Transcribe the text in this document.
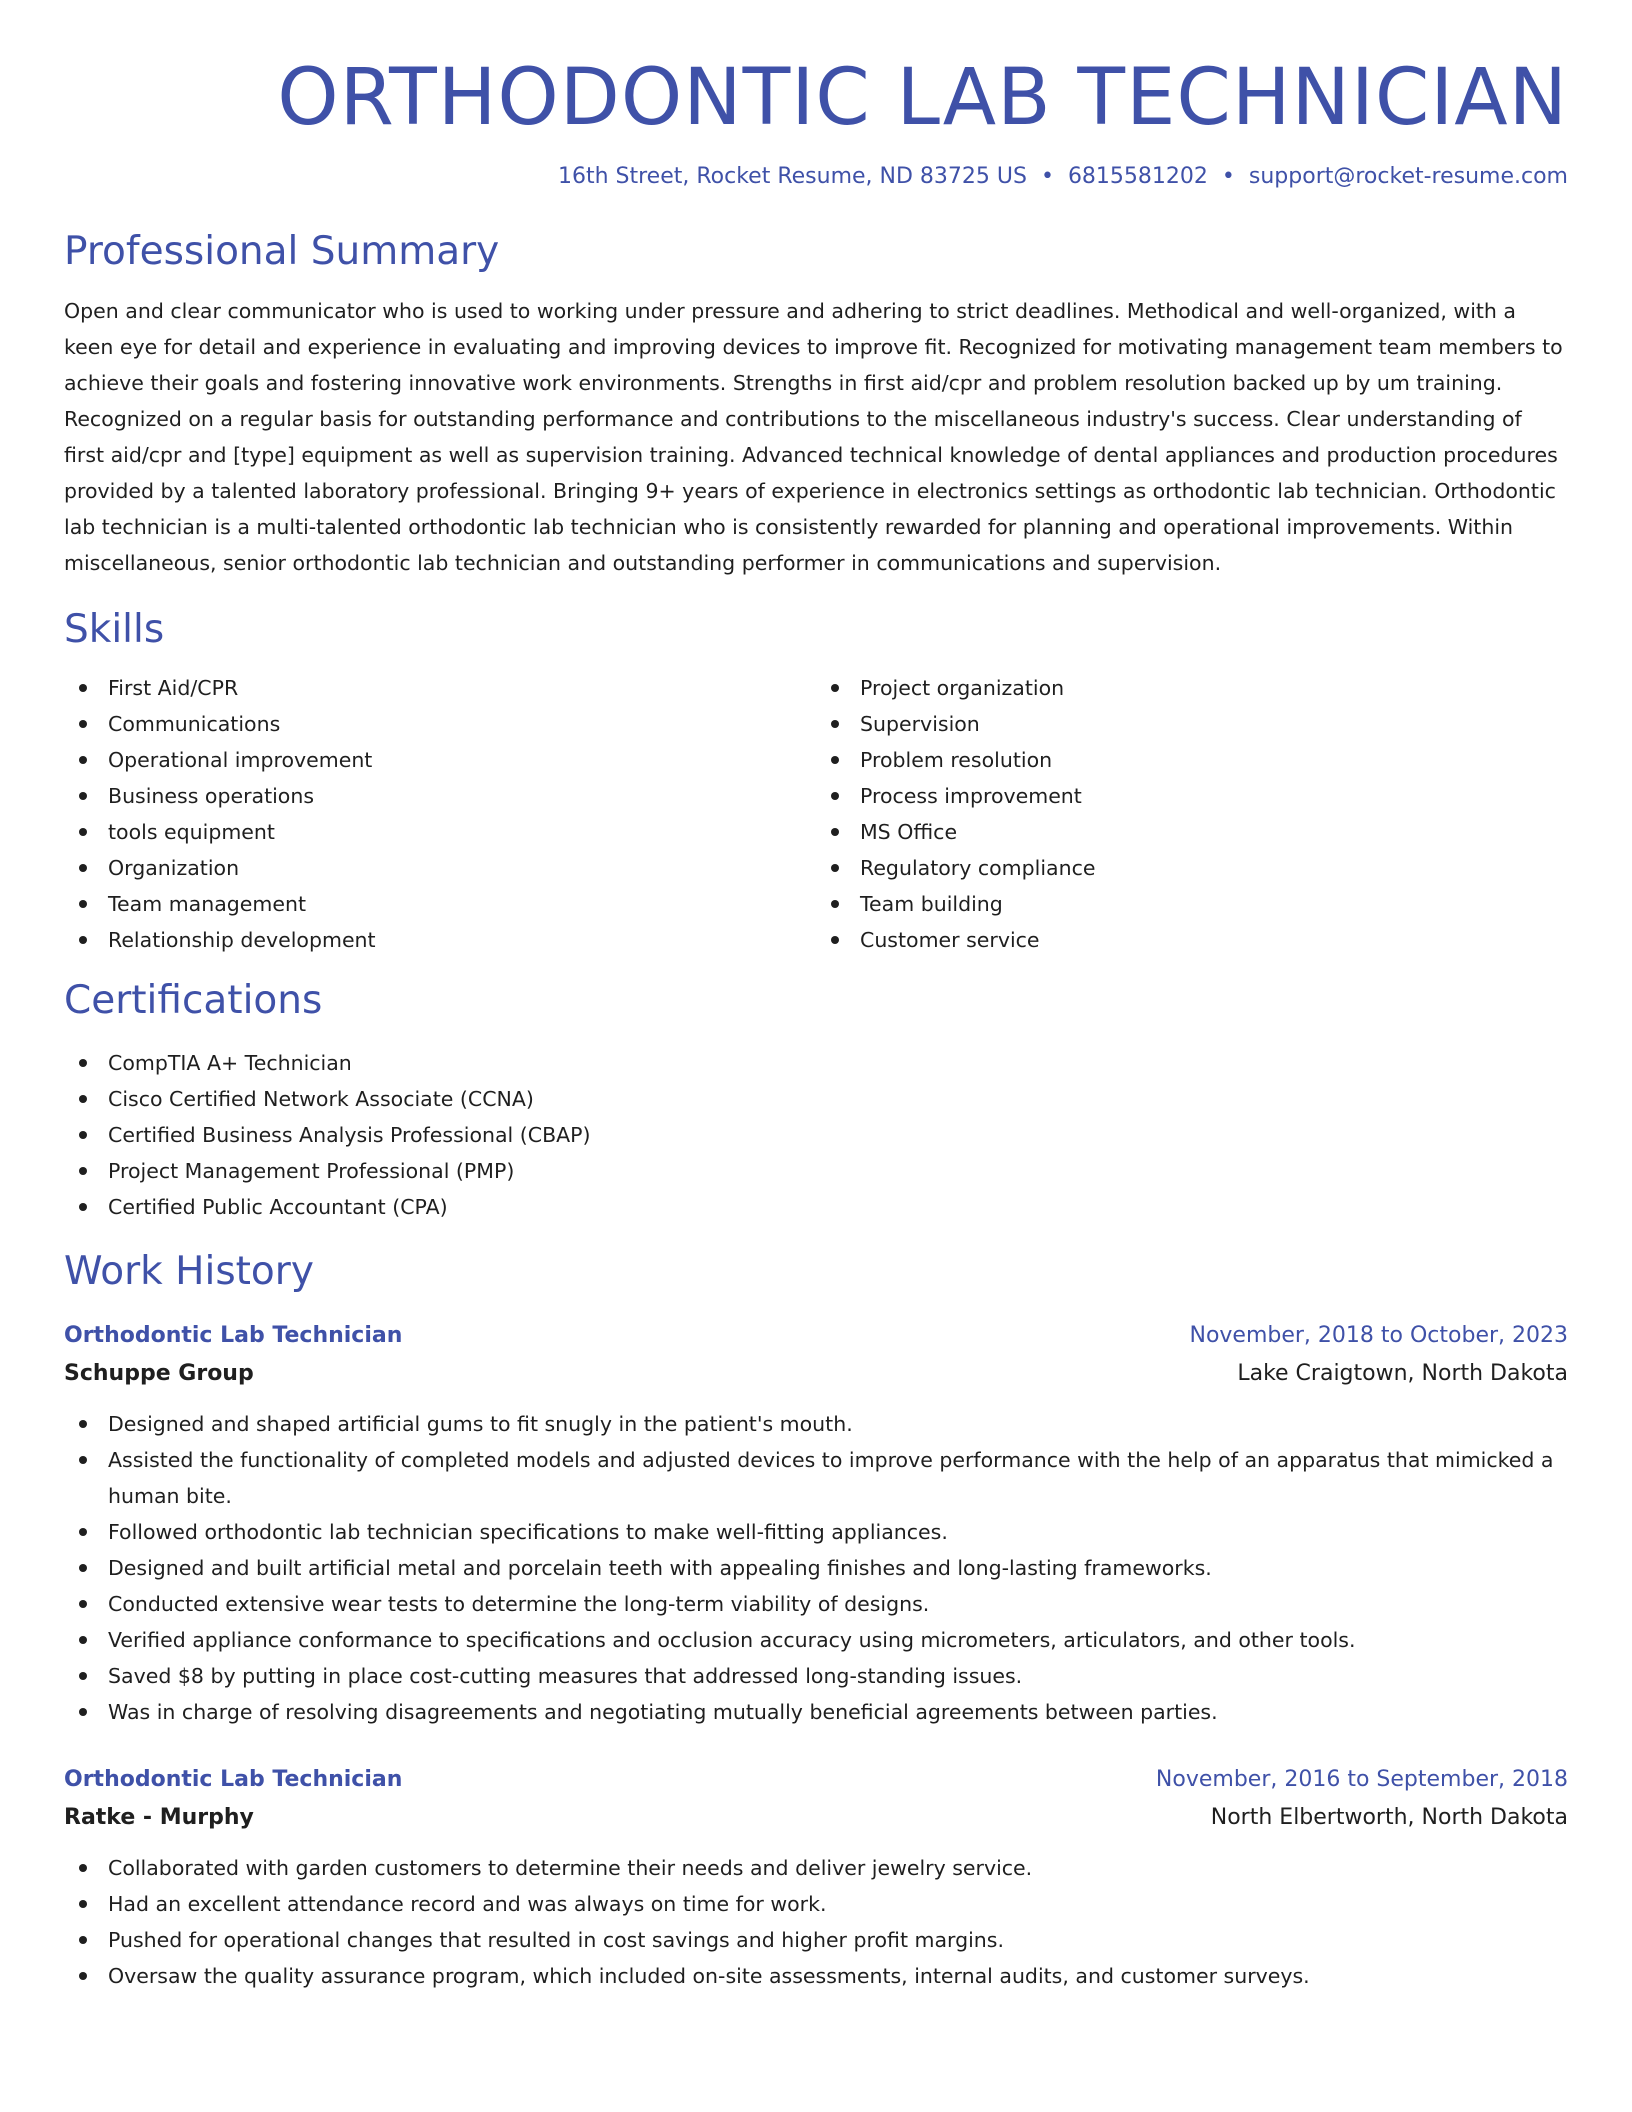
ORTHODONTIC LAB TECHNICIAN
16th Street, Rocket Resume, ND 83725 US • 6815581202 • support@rocket-resume.com
Professional Summary

Open and clear communicator who is used to working under pressure and adhering to strict deadlines. Methodical and well-organized, with a keen eye for detail and experience in evaluating and improving devices to improve fit. Recognized for motivating management team members to achieve their goals and fostering innovative work environments. Strengths in first aid/cpr and problem resolution backed up by um training. Recognized on a regular basis for outstanding performance and contributions to the miscellaneous industry's success. Clear understanding of first aid/cpr and [type] equipment as well as supervision training. Advanced technical knowledge of dental appliances and production procedures provided by a talented laboratory professional. Bringing 9+ years of experience in electronics settings as orthodontic lab technician. Orthodontic lab technician is a multi-talented orthodontic lab technician who is consistently rewarded for planning and operational improvements. Within miscellaneous, senior orthodontic lab technician and outstanding performer in communications and supervision.

Skills
First Aid/CPR
Communications
Operational improvement
Business operations
tools equipment
Organization
Team management
Relationship development
Project organization
Supervision
Problem resolution
Process improvement
MS Office
Regulatory compliance
Team building
Customer service
Certifications
CompTIA A+ Technician
Cisco Certified Network Associate (CCNA)
Certified Business Analysis Professional (CBAP)
Project Management Professional (PMP)
Certified Public Accountant (CPA)
Work History
Orthodontic Lab Technician	November, 2018 to October, 2023
Schuppe Group	Lake Craigtown, North Dakota
Designed and shaped artificial gums to fit snugly in the patient's mouth.
Assisted the functionality of completed models and adjusted devices to improve performance with the help of an apparatus that mimicked a human bite.
Followed orthodontic lab technician specifications to make well-fitting appliances.
Designed and built artificial metal and porcelain teeth with appealing finishes and long-lasting frameworks.
Conducted extensive wear tests to determine the long-term viability of designs.
Verified appliance conformance to specifications and occlusion accuracy using micrometers, articulators, and other tools.
Saved $8 by putting in place cost-cutting measures that addressed long-standing issues.
Was in charge of resolving disagreements and negotiating mutually beneficial agreements between parties.
Orthodontic Lab Technician	November, 2016 to September, 2018
Ratke - Murphy	North Elbertworth, North Dakota
Collaborated with garden customers to determine their needs and deliver jewelry service.
Had an excellent attendance record and was always on time for work.
Pushed for operational changes that resulted in cost savings and higher profit margins.
Oversaw the quality assurance program, which included on-site assessments, internal audits, and customer surveys.
